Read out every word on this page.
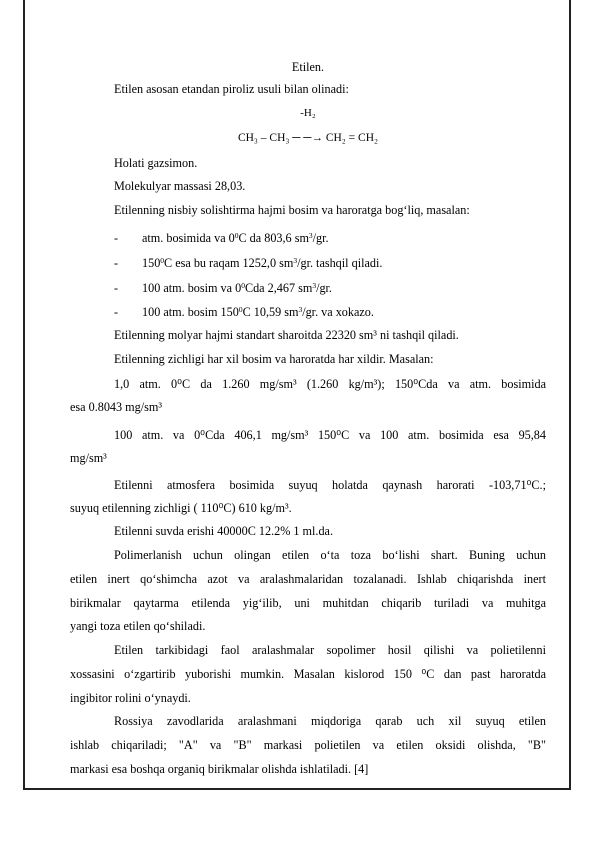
Etilen.
Etilen asosan etandan piroliz usuli bilan olinadi:
-H₂
CH₃ – CH₃ ─ ─→ CH₂ = CH₂
Holati gazsimon.
Molekulyar massasi 28,03.
Etilenning nisbiy solishtirma hajmi bosim va haroratga bog‘liq, masalan:
- atm. bosimida va $0^0C$ da 803,6 $sm^3/gr$.
- $150^0C$ esa bu raqam 1252,0 $sm^3/gr$. tashqil qiladi.
- 100 atm. bosim va $0^0Cda$ 2,467 $sm^3/gr$.
- 100 atm. bosim $150^0C$ 10,59 $sm^3/gr$. va xokazo.
Etilenning molyar hajmi standart sharoitda 22320 sm³ ni tashqil qiladi.
Etilenning zichligi har xil bosim va haroratda har xildir. Masalan:
1,0 atm. 0⁰C da 1.260 mg/sm³ (1.260 kg/m³); 150⁰Cda va atm. bosimida
esa 0.8043 mg/sm³
100 atm. va 0⁰Cda 406,1 mg/sm³ 150⁰C va 100 atm. bosimida esa 95,84
mg/sm³
Etilenni atmosfera bosimida suyuq holatda qaynash harorati -103,71⁰C.;
suyuq etilenning zichligi ( 110⁰C) 610 kg/m³.
Etilenni suvda erishi 40000C 12.2% 1 ml.da.
Polimerlanish uchun olingan etilen o‘ta toza bo‘lishi shart. Buning uchun
etilen inert qo‘shimcha azot va aralashmalaridan tozalanadi. Ishlab chiqarishda inert
birikmalar qaytarma etilenda yig‘ilib, uni muhitdan chiqarib turiladi va muhitga
yangi toza etilen qo‘shiladi.
Etilen tarkibidagi faol aralashmalar sopolimer hosil qilishi va polietilenni
xossasini o‘zgartirib yuborishi mumkin. Masalan kislorod 150 ⁰C dan past haroratda
ingibitor rolini o‘ynaydi.
Rossiya zavodlarida aralashmani miqdoriga qarab uch xil suyuq etilen
ishlab chiqariladi; "A" va "B" markasi polietilen va etilen oksidi olishda, "B"
markasi esa boshqa organiq birikmalar olishda ishlatiladi. [4]
